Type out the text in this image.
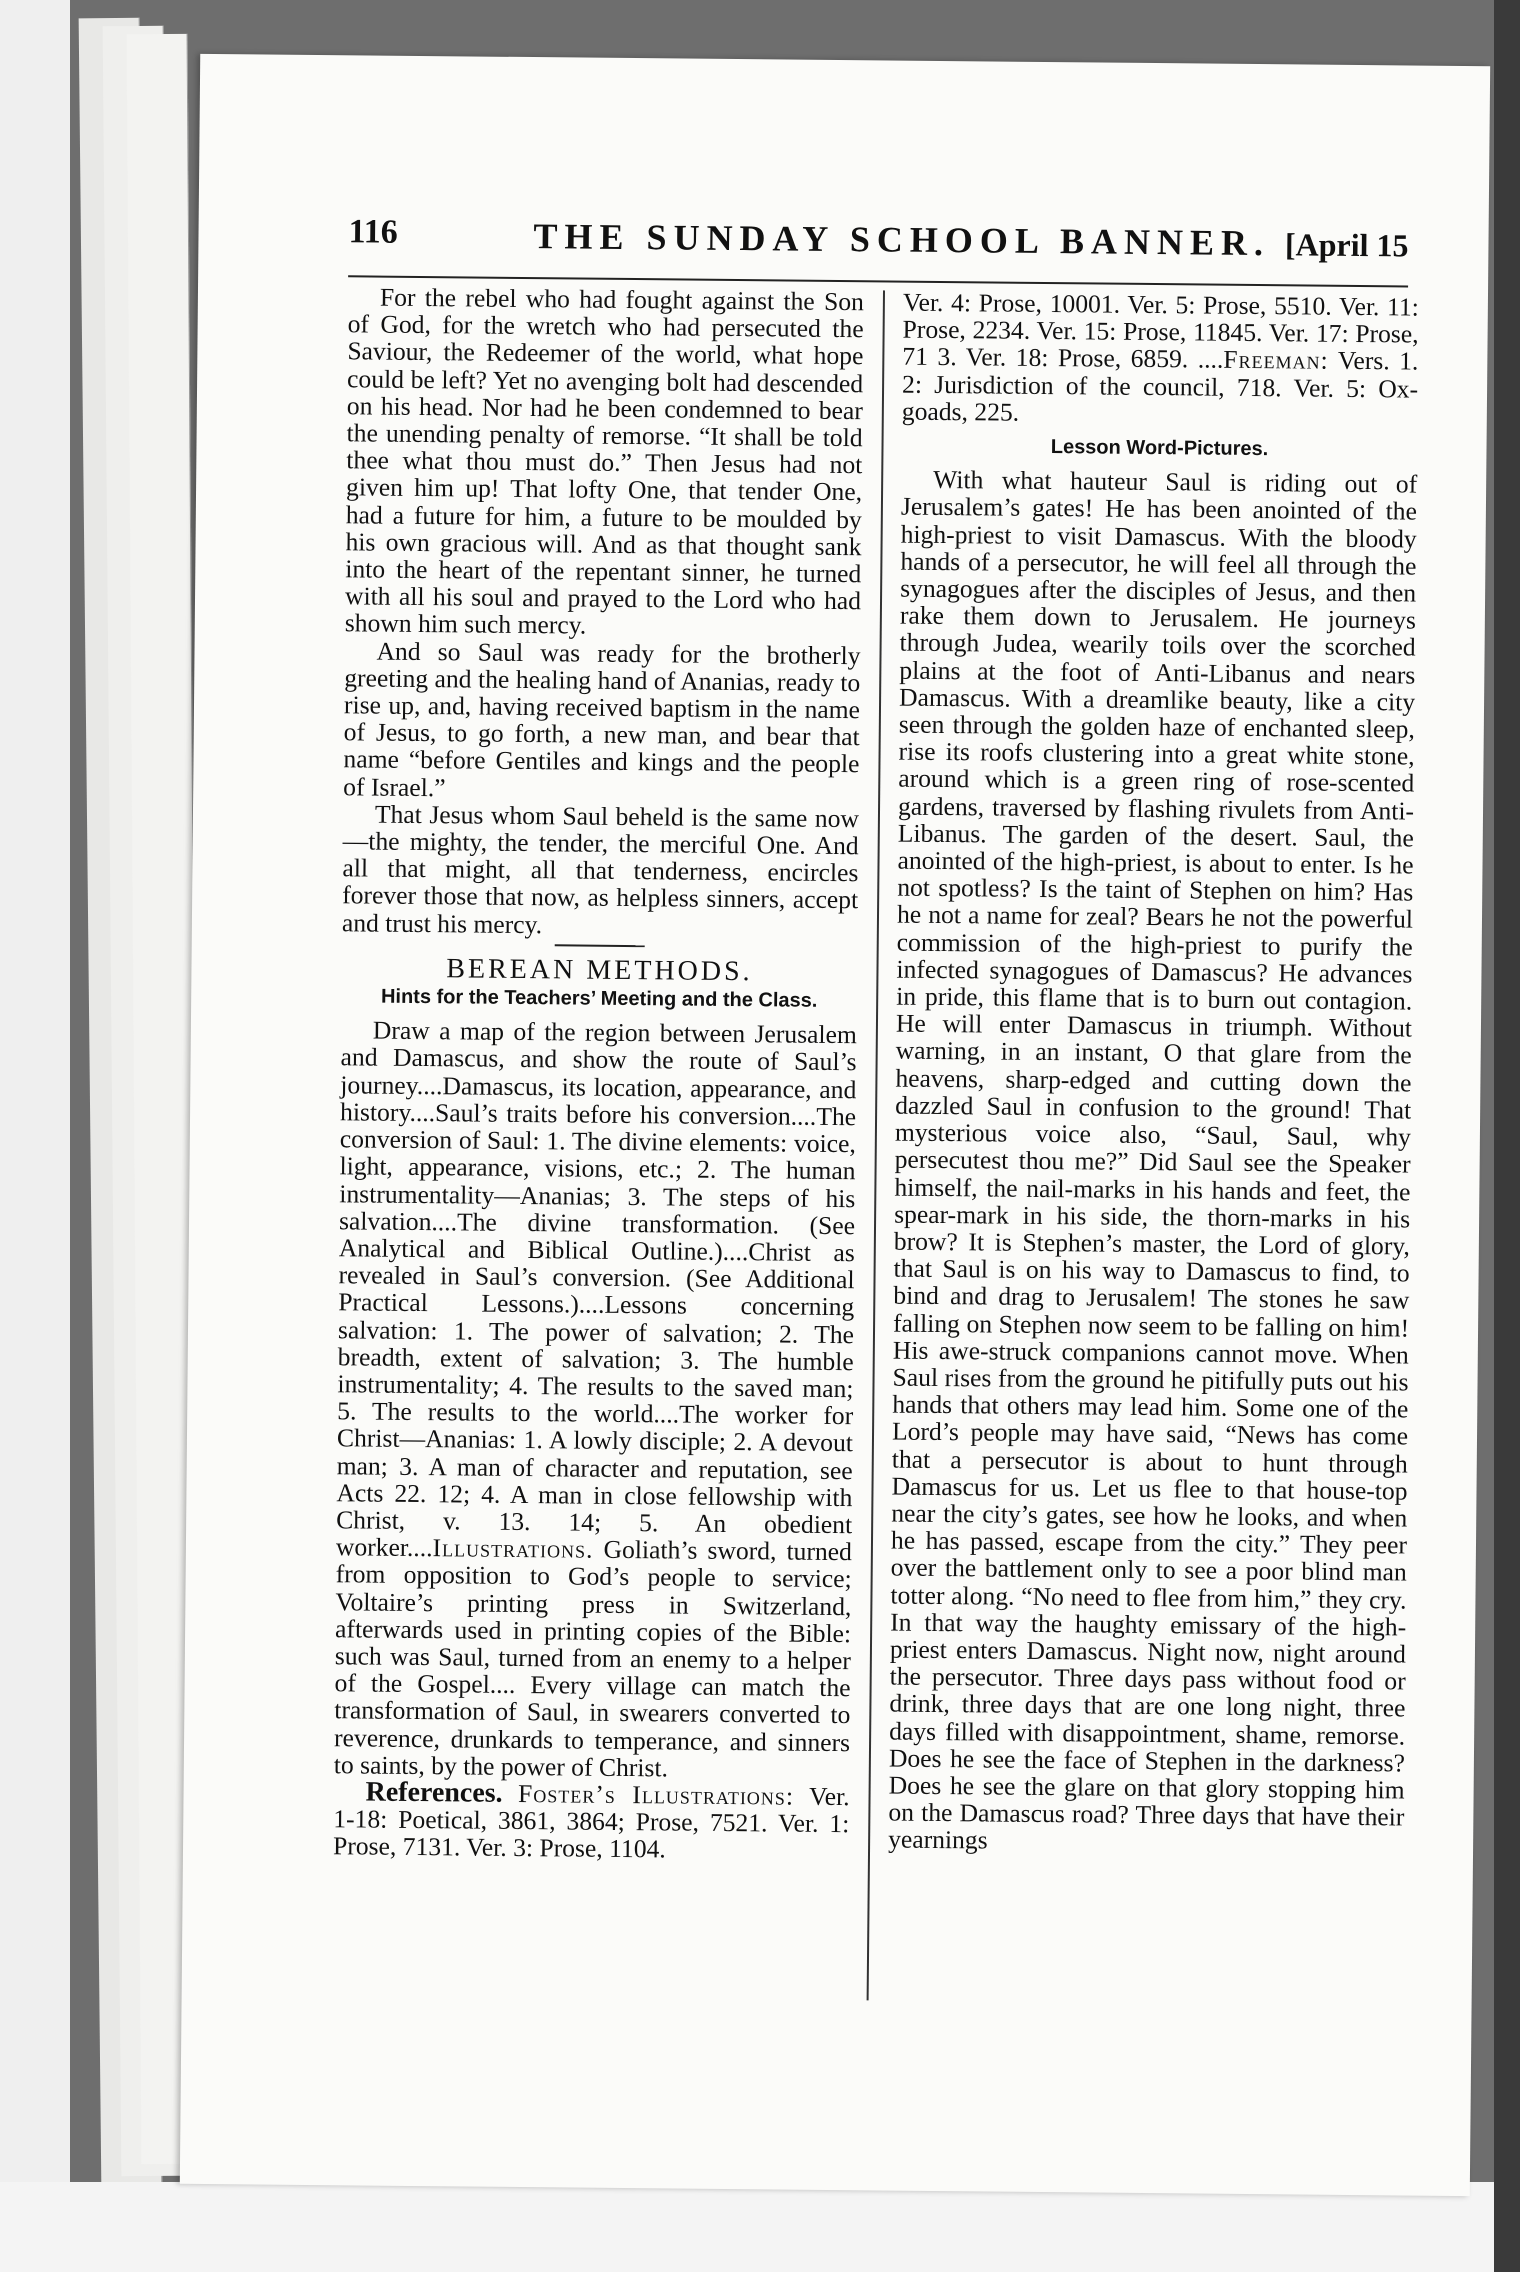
116	THE SUNDAY SCHOOL BANNER. [April 15

For the rebel who had fought against the Son of God, for the wretch who had persecuted the Saviour, the Redeemer of the world, what hope could be left? Yet no avenging bolt had descended on his head. Nor had he been condemned to bear the unending penalty of remorse. “It shall be told thee what thou must do.” Then Jesus had not given him up! That lofty One, that tender One, had a future for him, a future to be moulded by his own gracious will. And as that thought sank into the heart of the repentant sinner, he turned with all his soul and prayed to the Lord who had shown him such mercy.

And so Saul was ready for the brotherly greeting and the healing hand of Ananias, ready to rise up, and, having received baptism in the name of Jesus, to go forth, a new man, and bear that name “before Gentiles and kings and the people of Israel.”

That Jesus whom Saul beheld is the same now—the mighty, the tender, the merciful One. And all that might, all that tenderness, encircles forever those that now, as helpless sinners, accept and trust his mercy.

BEREAN METHODS.
Hints for the Teachers’ Meeting and the Class.

Draw a map of the region between Jerusalem and Damascus, and show the route of Saul’s journey....Damascus, its location, appearance, and history....Saul’s traits before his conversion....The conversion of Saul: 1. The divine elements: voice, light, appearance, visions, etc.; 2. The human instrumentality—Ananias; 3. The steps of his salvation....The divine transformation. (See Analytical and Biblical Outline.)....Christ as revealed in Saul’s conversion. (See Additional Practical Lessons.)....Lessons concerning salvation: 1. The power of salvation; 2. The breadth, extent of salvation; 3. The humble instrumentality; 4. The results to the saved man; 5. The results to the world....The worker for Christ—Ananias: 1. A lowly disciple; 2. A devout man; 3. A man of character and reputation, see Acts 22. 12; 4. A man in close fellowship with Christ, v. 13. 14; 5. An obedient worker....Illustrations. Goliath’s sword, turned from opposition to God’s people to service; Voltaire’s printing press in Switzerland, afterwards used in printing copies of the Bible: such was Saul, turned from an enemy to a helper of the Gospel.... Every village can match the transformation of Saul, in swearers converted to reverence, drunkards to temperance, and sinners to saints, by the power of Christ.

References. Foster’s Illustrations: Ver. 1-18: Poetical, 3861, 3864; Prose, 7521. Ver. 1: Prose, 7131. Ver. 3: Prose, 1104.

Ver. 4: Prose, 10001. Ver. 5: Prose, 5510. Ver. 11: Prose, 2234. Ver. 15: Prose, 11845. Ver. 17: Prose, 71 3. Ver. 18: Prose, 6859. ....Freeman: Vers. 1. 2: Jurisdiction of the council, 718. Ver. 5: Ox-goads, 225.

Lesson Word-Pictures.

With what hauteur Saul is riding out of Jerusalem’s gates! He has been anointed of the high-priest to visit Damascus. With the bloody hands of a persecutor, he will feel all through the synagogues after the disciples of Jesus, and then rake them down to Jerusalem. He journeys through Judea, wearily toils over the scorched plains at the foot of Anti-Libanus and nears Damascus. With a dreamlike beauty, like a city seen through the golden haze of enchanted sleep, rise its roofs clustering into a great white stone, around which is a green ring of rose-scented gardens, traversed by flashing rivulets from Anti-Libanus. The garden of the desert. Saul, the anointed of the high-priest, is about to enter. Is he not spotless? Is the taint of Stephen on him? Has he not a name for zeal? Bears he not the powerful commission of the high-priest to purify the infected synagogues of Damascus? He advances in pride, this flame that is to burn out contagion. He will enter Damascus in triumph. Without warning, in an instant, O that glare from the heavens, sharp-edged and cutting down the dazzled Saul in confusion to the ground! That mysterious voice also, “Saul, Saul, why persecutest thou me?” Did Saul see the Speaker himself, the nail-marks in his hands and feet, the spear-mark in his side, the thorn-marks in his brow? It is Stephen’s master, the Lord of glory, that Saul is on his way to Damascus to find, to bind and drag to Jerusalem! The stones he saw falling on Stephen now seem to be falling on him! His awe-struck companions cannot move. When Saul rises from the ground he pitifully puts out his hands that others may lead him. Some one of the Lord’s people may have said, “News has come that a persecutor is about to hunt through Damascus for us. Let us flee to that house-top near the city’s gates, see how he looks, and when he has passed, escape from the city.” They peer over the battlement only to see a poor blind man totter along. “No need to flee from him,” they cry. In that way the haughty emissary of the high-priest enters Damascus. Night now, night around the persecutor. Three days pass without food or drink, three days that are one long night, three days filled with disappointment, shame, remorse. Does he see the face of Stephen in the darkness? Does he see the glare on that glory stopping him on the Damascus road? Three days that have their yearnings
